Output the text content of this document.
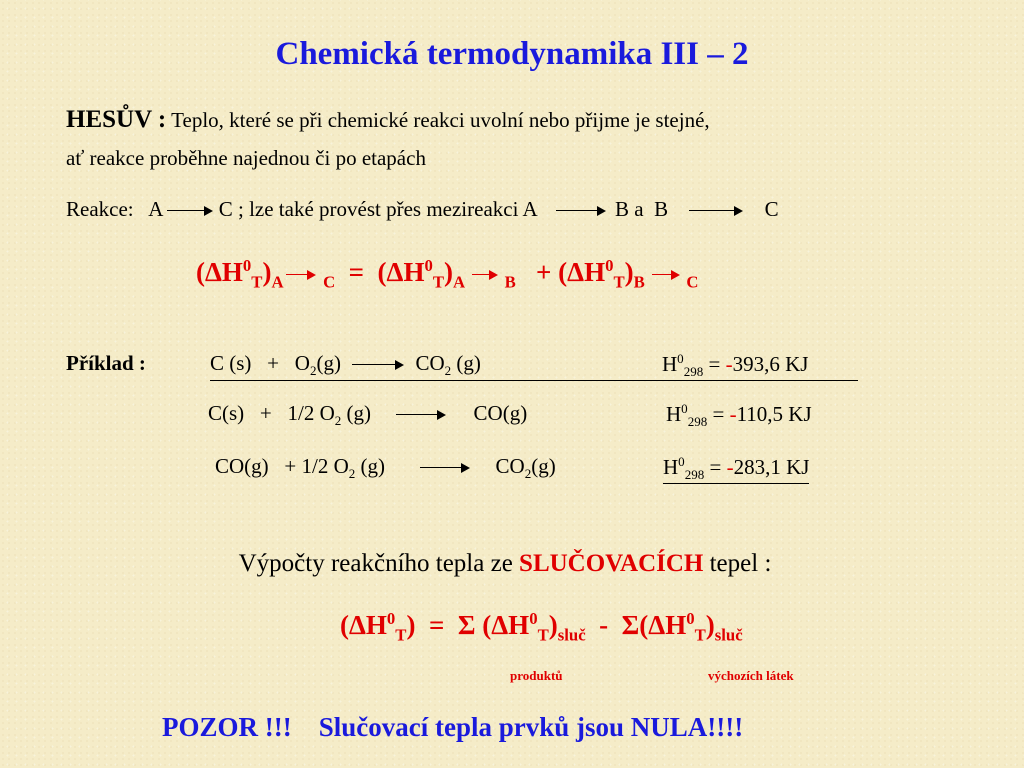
Chemická termodynamika III – 2
HESŮV : Teplo, které se při chemické reakci uvolní nebo přijme je stejné,
ať reakce proběhne najednou či po etapách
Reakce: A	C ; lze také provést přes mezireakci A	B a B	C
$(\Delta H^0_T)_A$ $_C = (\Delta H^0_T)_A$ $_B + (\Delta H^0_T)_B$ $_C$
Příklad :	C $(s) + O_2(g)$	$CO_2$ (g)	$H^0_{298} = -393,6$ KJ
C(s) + 1/2 $O_2$ (g)	CO(g)	$H^0_{298} = -110,5$ KJ
CO(g) + 1/2 $O_2$ (g)	$CO_2(g)$	$H^0_{298} = -283,1$ KJ
Výpočty reakčního tepla ze SLUČOVACÍCH tepel :
$(\Delta H^0_T) = \Sigma$ $(\Delta H^0_T)_{sluč} - \Sigma(\Delta H^0_T)_{sluč}$
produktů	výchozích látek
POZOR !!! Slučovací tepla prvků jsou NULA!!!!
